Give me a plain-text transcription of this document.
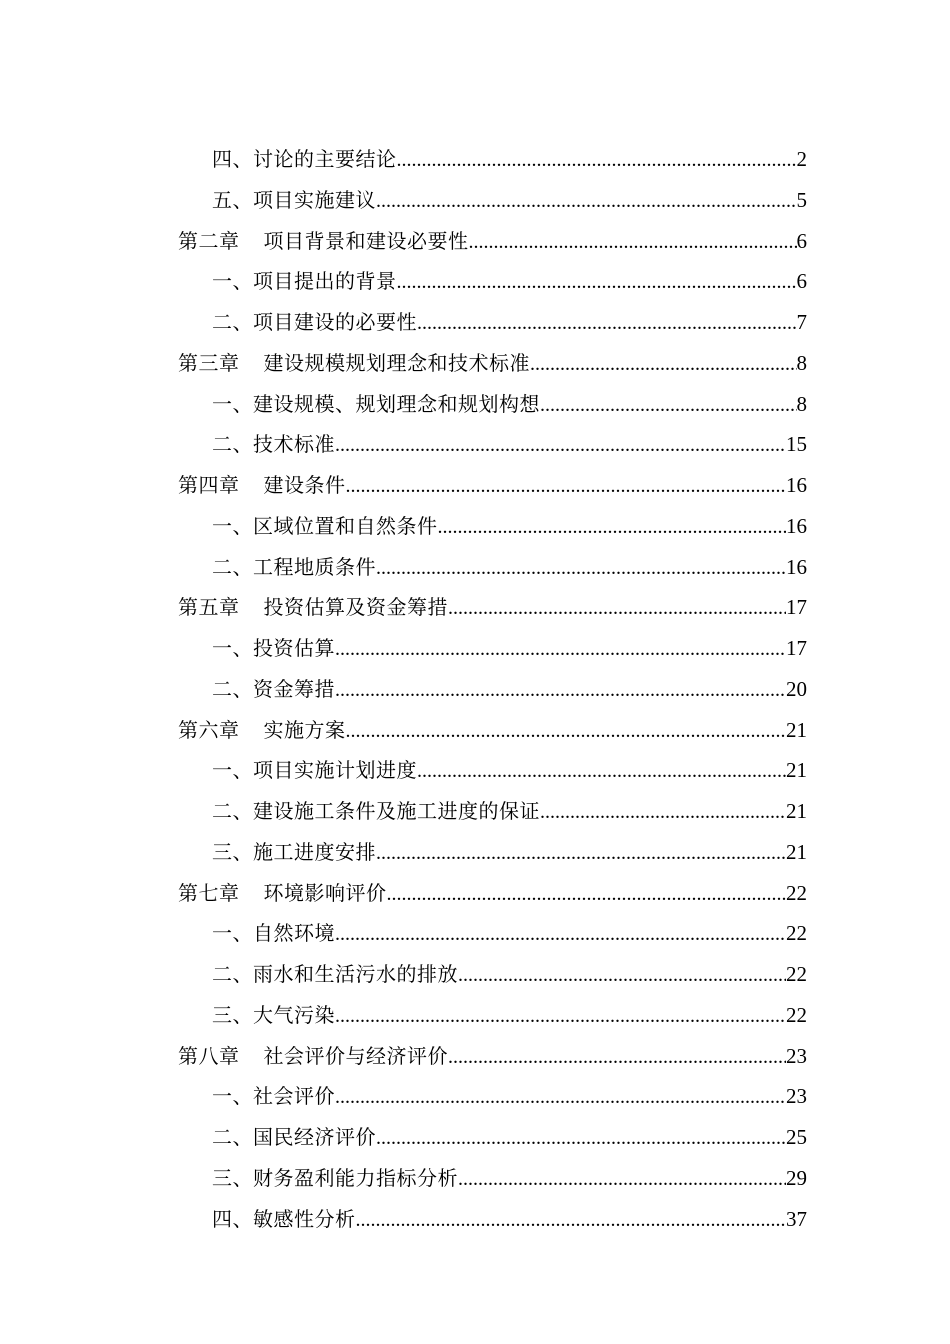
四、讨论的主要结论 .....	2
五、项目实施建议 .....	5
第二章 项目背景和建设必要性 .....	6
一、项目提出的背景 .....	6
二、项目建设的必要性 .....	7
第三章 建设规模规划理念和技术标准 .....	8
一、建设规模、规划理念和规划构想 .....	8
二、技术标准 .....	15
第四章 建设条件 .....	16
一、区域位置和自然条件 .....	16
二、工程地质条件 .....	16
第五章 投资估算及资金筹措 .....	17
一、投资估算 .....	17
二、资金筹措 .....	20
第六章 实施方案 .....	21
一、项目实施计划进度 .....	21
二、建设施工条件及施工进度的保证 .....	21
三、施工进度安排 .....	21
第七章 环境影响评价 .....	22
一、自然环境 .....	22
二、雨水和生活污水的排放 .....	22
三、大气污染 .....	22
第八章 社会评价与经济评价 .....	23
一、社会评价 .....	23
二、国民经济评价 .....	25
三、财务盈利能力指标分析 .....	29
四、敏感性分析 .....	37
